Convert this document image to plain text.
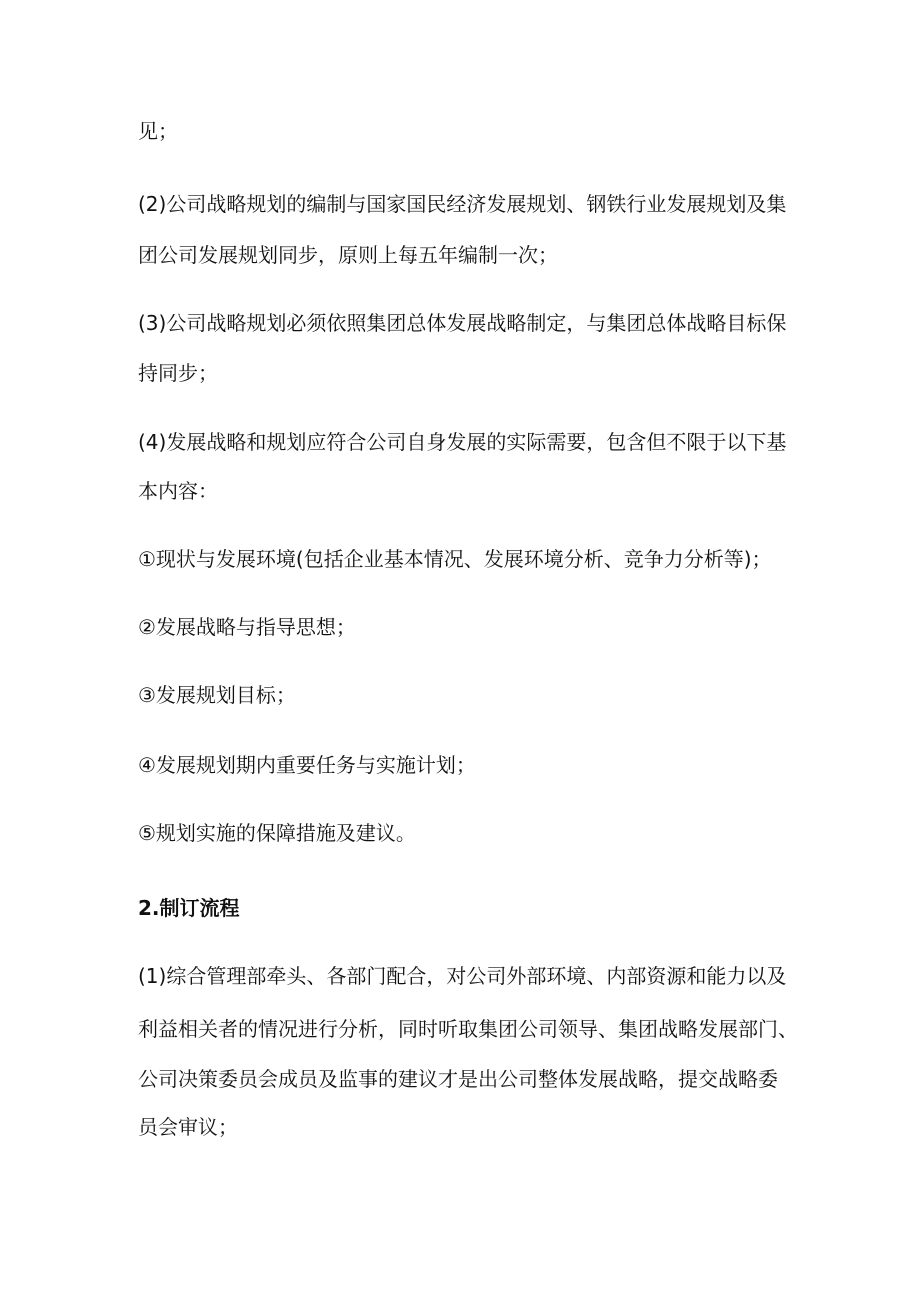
见；
(2)公司战略规划的编制与国家国民经济发展规划、钢铁行业发展规划及集
团公司发展规划同步，原则上每五年编制一次；
(3)公司战略规划必须依照集团总体发展战略制定，与集团总体战略目标保
持同步；
(4)发展战略和规划应符合公司自身发展的实际需要，包含但不限于以下基
本内容：
①现状与发展环境(包括企业基本情况、发展环境分析、竞争力分析等)；
②发展战略与指导思想；
③发展规划目标；
④发展规划期内重要任务与实施计划；
⑤规划实施的保障措施及建议。
2.制订流程
(1)综合管理部牵头、各部门配合，对公司外部环境、内部资源和能力以及
利益相关者的情况进行分析，同时听取集团公司领导、集团战略发展部门、
公司决策委员会成员及监事的建议才是出公司整体发展战略，提交战略委
员会审议；
